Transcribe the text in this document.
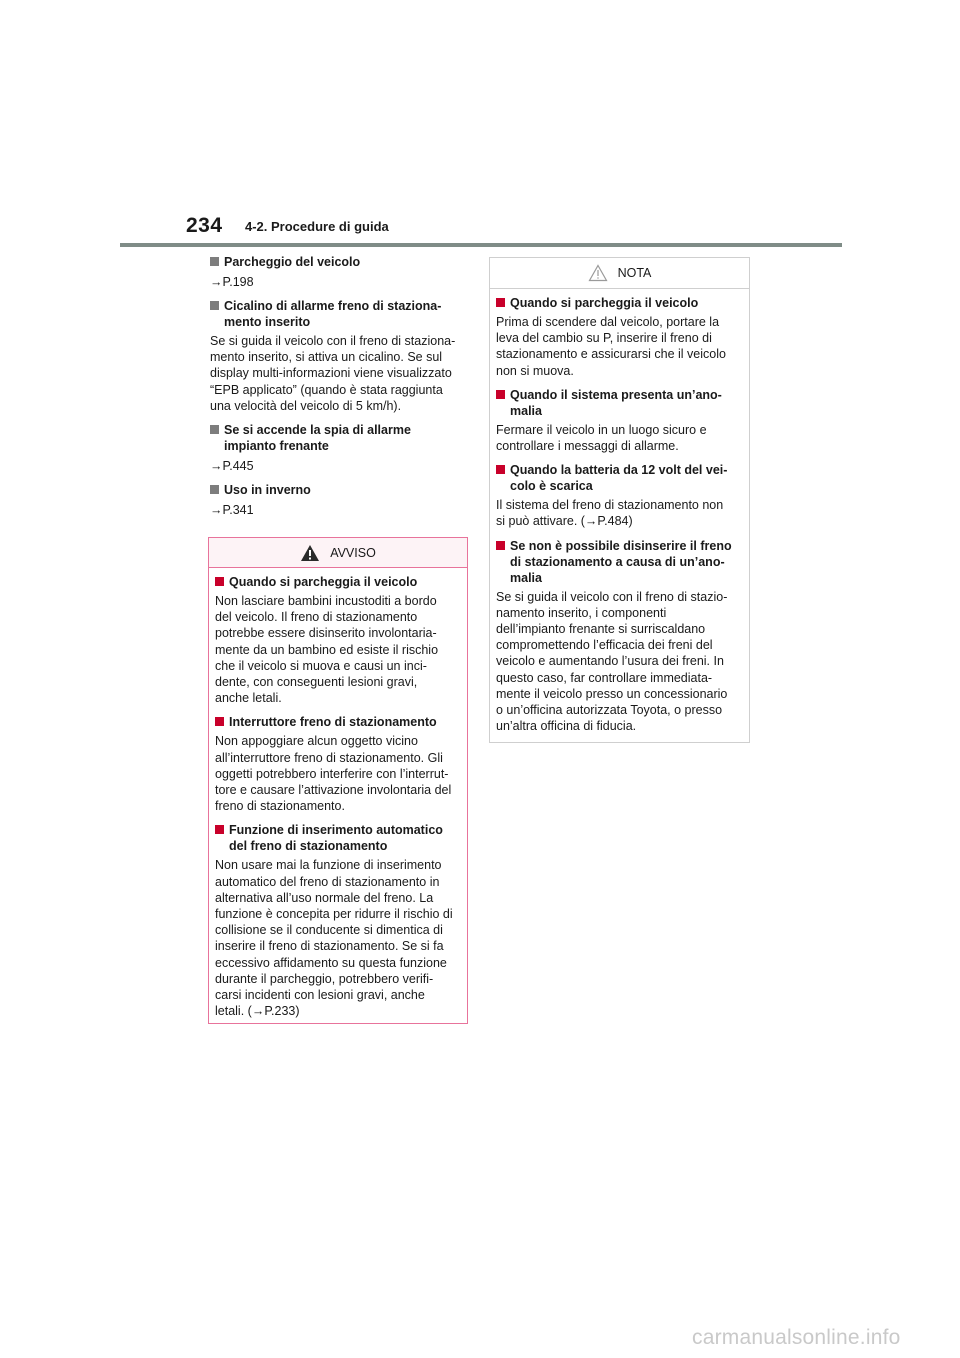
234 4-2. Procedure di guida
Parcheggio del veicolo
→P.198
Cicalino di allarme freno di staziona-
mento inserito
Se si guida il veicolo con il freno di staziona-
mento inserito, si attiva un cicalino. Se sul
display multi-informazioni viene visualizzato
“EPB applicato” (quando è stata raggiunta
una velocità del veicolo di 5 km/h).
Se si accende la spia di allarme
impianto frenante
→P.445
Uso in inverno
→P.341
AVVISO
Quando si parcheggia il veicolo
Non lasciare bambini incustoditi a bordo
del veicolo. Il freno di stazionamento
potrebbe essere disinserito involontaria-
mente da un bambino ed esiste il rischio
che il veicolo si muova e causi un inci-
dente, con conseguenti lesioni gravi,
anche letali.
Interruttore freno di stazionamento
Non appoggiare alcun oggetto vicino
all’interruttore freno di stazionamento. Gli
oggetti potrebbero interferire con l’interrut-
tore e causare l’attivazione involontaria del
freno di stazionamento.
Funzione di inserimento automatico
del freno di stazionamento
Non usare mai la funzione di inserimento
automatico del freno di stazionamento in
alternativa all’uso normale del freno. La
funzione è concepita per ridurre il rischio di
collisione se il conducente si dimentica di
inserire il freno di stazionamento. Se si fa
eccessivo affidamento su questa funzione
durante il parcheggio, potrebbero verifi-
carsi incidenti con lesioni gravi, anche
letali. (→P.233)
NOTA
Quando si parcheggia il veicolo
Prima di scendere dal veicolo, portare la
leva del cambio su P, inserire il freno di
stazionamento e assicurarsi che il veicolo
non si muova.
Quando il sistema presenta un’ano-
malia
Fermare il veicolo in un luogo sicuro e
controllare i messaggi di allarme.
Quando la batteria da 12 volt del vei-
colo è scarica
Il sistema del freno di stazionamento non
si può attivare. (→P.484)
Se non è possibile disinserire il freno
di stazionamento a causa di un’ano-
malia
Se si guida il veicolo con il freno di stazio-
namento inserito, i componenti
dell’impianto frenante si surriscaldano
compromettendo l’efficacia dei freni del
veicolo e aumentando l’usura dei freni. In
questo caso, far controllare immediata-
mente il veicolo presso un concessionario
o un’officina autorizzata Toyota, o presso
un’altra officina di fiducia.
carmanualsonline.info
